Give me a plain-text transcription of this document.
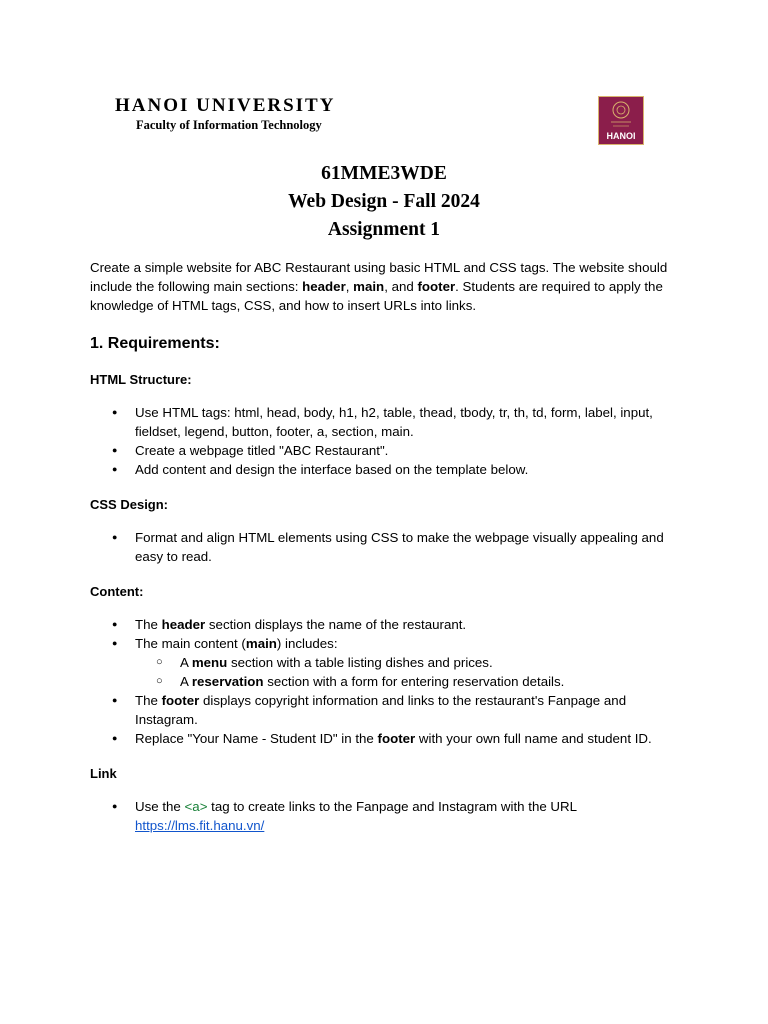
HANOI UNIVERSITY
Faculty of Information Technology
HANOI
61MME3WDE
Web Design - Fall 2024
Assignment 1

Create a simple website for ABC Restaurant using basic HTML and CSS tags. The website should include the following main sections: header, main, and footer. Students are required to apply the knowledge of HTML tags, CSS, and how to insert URLs into links.

1. Requirements:
HTML Structure:
● Use HTML tags: html, head, body, h1, h2, table, thead, tbody, tr, th, td, form, label, input, fieldset, legend, button, footer, a, section, main.
● Create a webpage titled "ABC Restaurant".
● Add content and design the interface based on the template below.
CSS Design:
● Format and align HTML elements using CSS to make the webpage visually appealing and easy to read.
Content:
● The header section displays the name of the restaurant.
● The main content (main) includes:
○ A menu section with a table listing dishes and prices.
○ A reservation section with a form for entering reservation details.
● The footer displays copyright information and links to the restaurant's Fanpage and Instagram.
● Replace "Your Name - Student ID" in the footer with your own full name and student ID.
Link
● Use the <a> tag to create links to the Fanpage and Instagram with the URL
https://lms.fit.hanu.vn/
